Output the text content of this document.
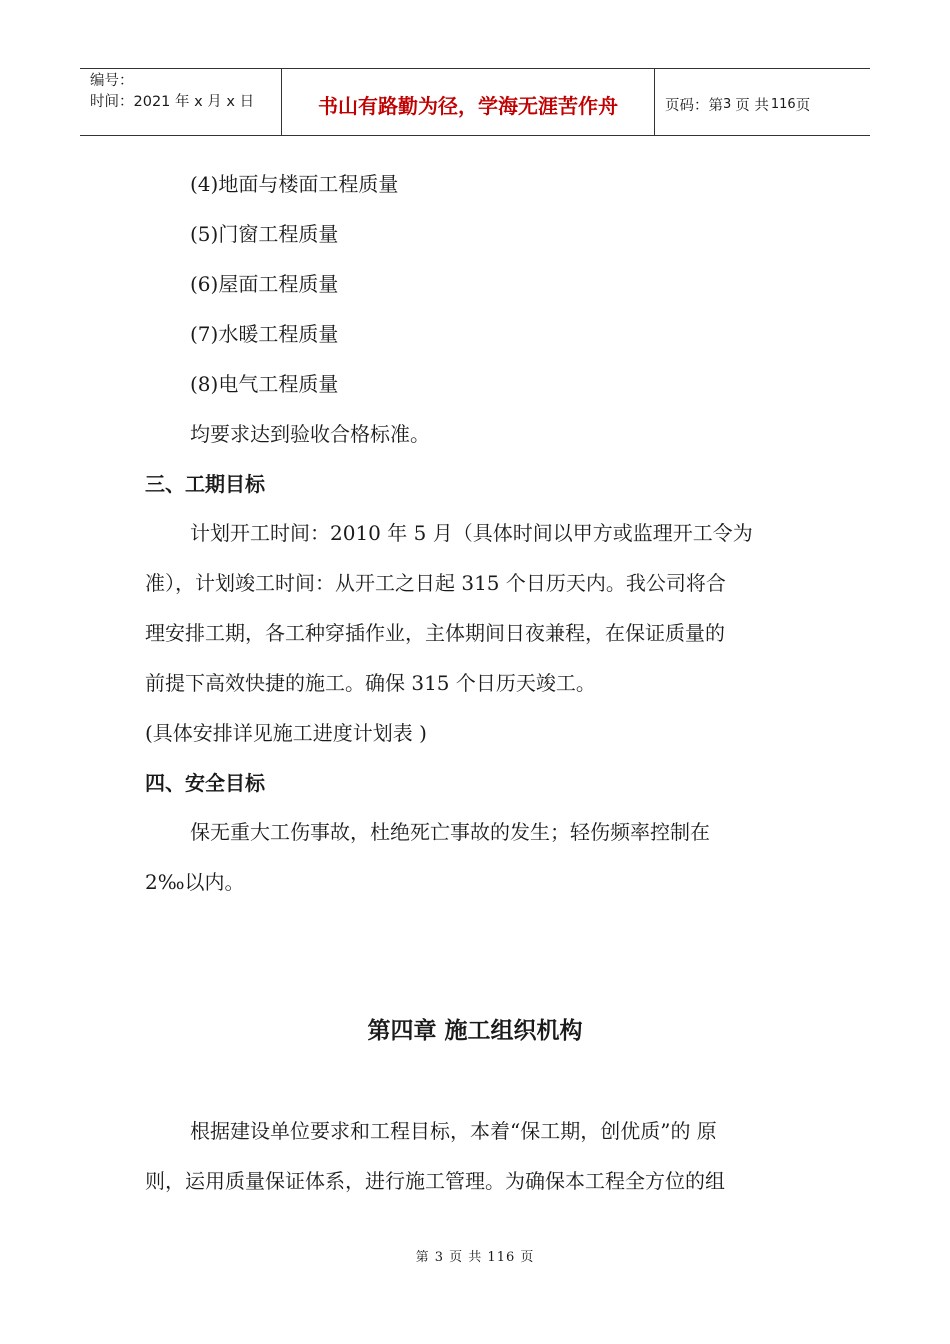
编号：
时间：2021 年 x 月 x 日	书山有路勤为径，学海无涯苦作舟	页码：第 3 页 共 116 页
(4)地面与楼面工程质量
(5)门窗工程质量
(6)屋面工程质量
(7)水暖工程质量
(8)电气工程质量
均要求达到验收合格标准。
三、工期目标
计划开工时间：2010 年 5 月（具体时间以甲方或监理开工令为
准），计划竣工时间：从开工之日起 315 个日历天内。我公司将合
理安排工期，各工种穿插作业，主体期间日夜兼程，在保证质量的
前提下高效快捷的施工。确保 315 个日历天竣工。
(具体安排详见施工进度计划表 )
四、安全目标
保无重大工伤事故，杜绝死亡事故的发生；轻伤频率控制在
2‰以内。
第四章 施工组织机构
根据建设单位要求和工程目标，本着“保工期，创优质”的 原
则，运用质量保证体系，进行施工管理。为确保本工程全方位的组
第 3 页 共 116 页
